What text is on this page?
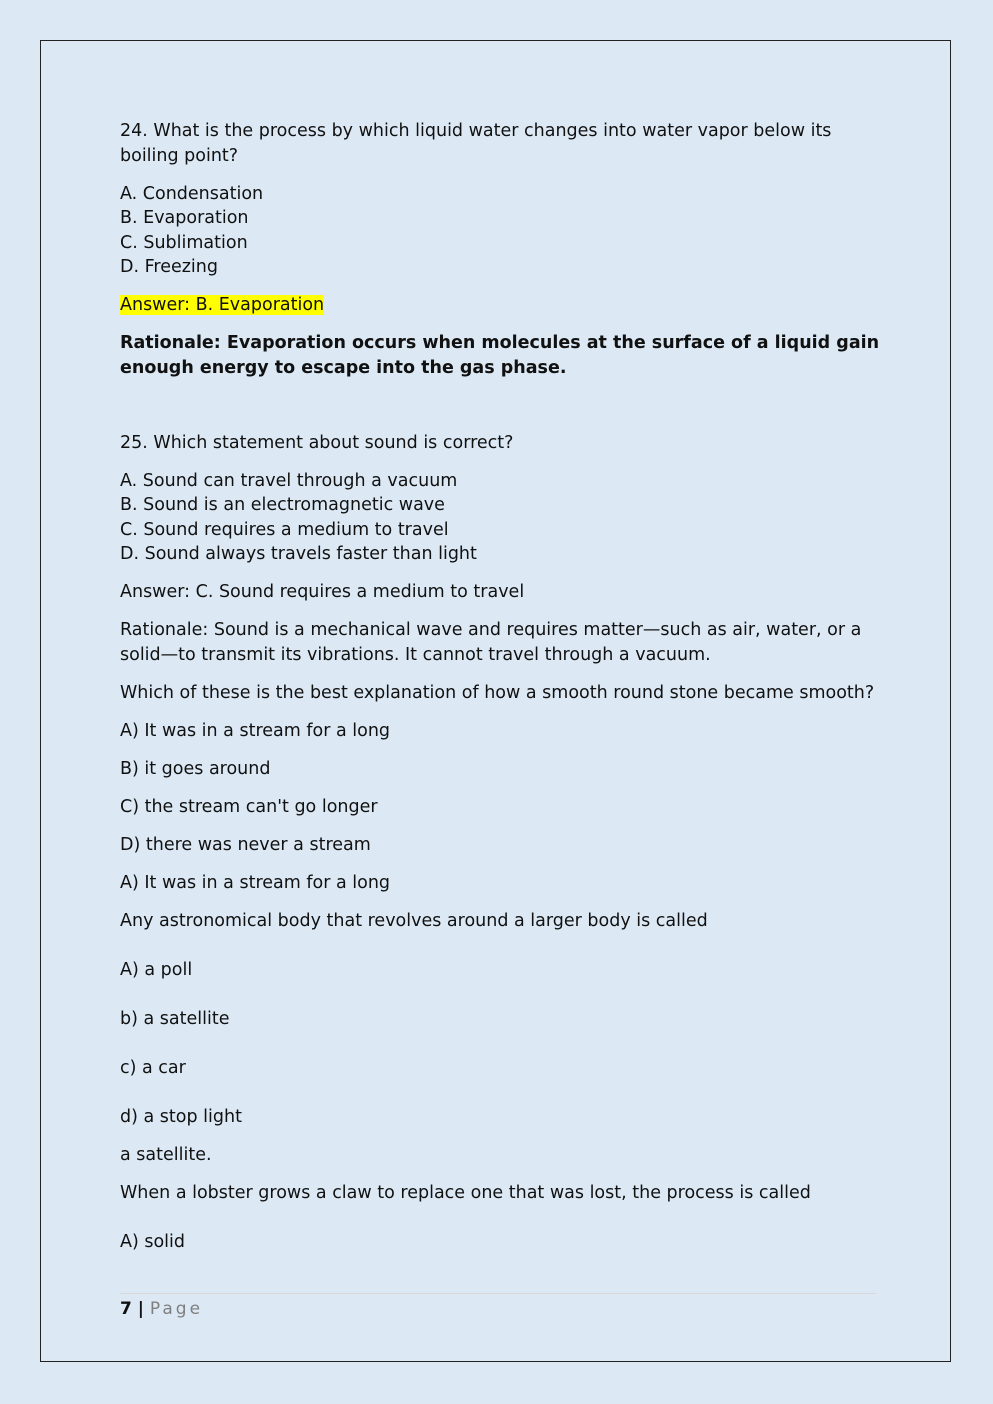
24. What is the process by which liquid water changes into water vapor below its boiling point?

A. Condensation
B. Evaporation
C. Sublimation
D. Freezing

Answer: B. Evaporation

Rationale: Evaporation occurs when molecules at the surface of a liquid gain enough energy to escape into the gas phase.

25. Which statement about sound is correct?

A. Sound can travel through a vacuum
B. Sound is an electromagnetic wave
C. Sound requires a medium to travel
D. Sound always travels faster than light

Answer: C. Sound requires a medium to travel

Rationale: Sound is a mechanical wave and requires matter—such as air, water, or a solid—to transmit its vibrations. It cannot travel through a vacuum.

Which of these is the best explanation of how a smooth round stone became smooth?

A) It was in a stream for a long

B) it goes around

C) the stream can't go longer

D) there was never a stream

A) It was in a stream for a long

Any astronomical body that revolves around a larger body is called

A) a poll

b) a satellite

c) a car

d) a stop light

a satellite.

When a lobster grows a claw to replace one that was lost, the process is called

A) solid

7 | Page
